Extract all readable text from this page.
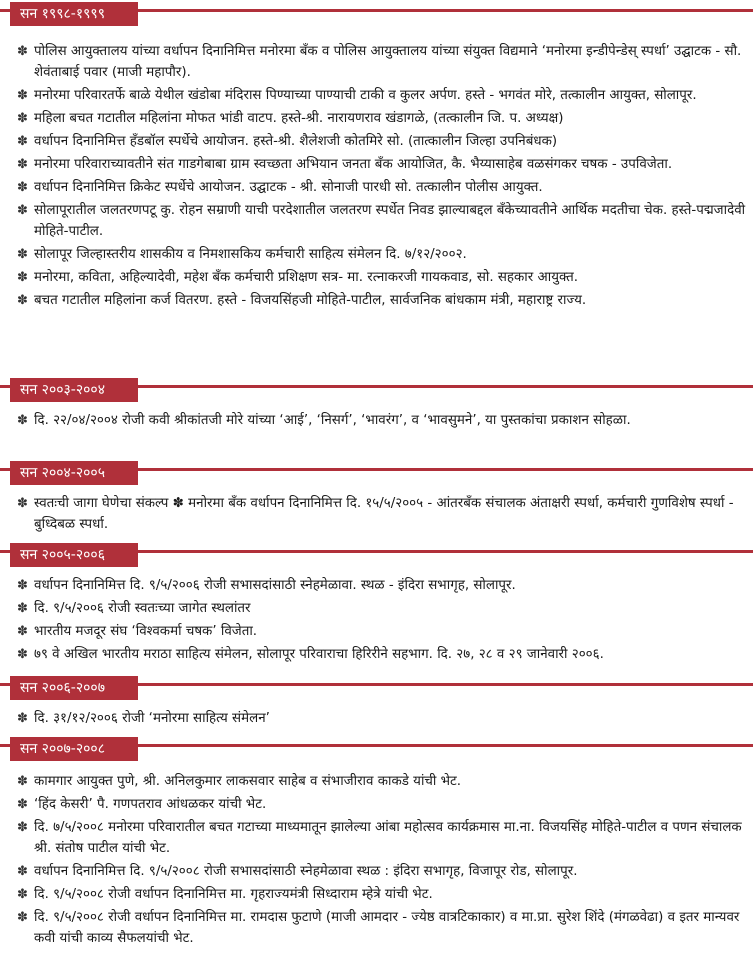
सन १९९८-१९९९
✽ पोलिस आयुक्तालय यांच्या वर्धापन दिनानिमित्त मनोरमा बँक व पोलिस आयुक्तालय यांच्या संयुक्त विद्यमाने ‘मनोरमा इन्डीपेन्डेस् स्पर्धा’ उद्घाटक - सौ. शेवंताबाई पवार (माजी महापौर).
✽ मनोरमा परिवारतर्फे बाळे येथील खंडोबा मंदिरास पिण्याच्या पाण्याची टाकी व कुलर अर्पण. हस्ते - भगवंत मोरे, तत्कालीन आयुक्त, सोलापूर.
✽ महिला बचत गटातील महिलांना मोफत भांडी वाटप. हस्ते-श्री. नारायणराव खंडागळे, (तत्कालीन जि. प. अध्यक्ष)
✽ वर्धापन दिनानिमित्त हँडबॉल स्पर्धेचे आयोजन. हस्ते-श्री. शैलेशजी कोतमिरे सो. (तात्कालीन जिल्हा उपनिबंधक)
✽ मनोरमा परिवाराच्यावतीने संत गाडगेबाबा ग्राम स्वच्छता अभियान जनता बँक आयोजित, कै. भैय्यासाहेब वळसंगकर चषक - उपविजेता.
✽ वर्धापन दिनानिमित्त क्रिकेट स्पर्धेचे आयोजन. उद्घाटक - श्री. सोनाजी पारधी सो. तत्कालीन पोलीस आयुक्त.
✽ सोलापूरातील जलतरणपटू कु. रोहन सम्राणी याची परदेशातील जलतरण स्पर्धेत निवड झाल्याबद्दल बँकेच्यावतीने आर्थिक मदतीचा चेक. हस्ते-पद्मजादेवी मोहिते-पाटील.
✽ सोलापूर जिल्हास्तरीय शासकीय व निमशासकिय कर्मचारी साहित्य संमेलन दि. ७/१२/२००२.
✽ मनोरमा, कविता, अहिल्यादेवी, महेश बँक कर्मचारी प्रशिक्षण सत्र- मा. रत्नाकरजी गायकवाड, सो. सहकार आयुक्त.
✽ बचत गटातील महिलांना कर्ज वितरण. हस्ते - विजयसिंहजी मोहिते-पाटील, सार्वजनिक बांधकाम मंत्री, महाराष्ट्र राज्य.
सन २००३-२००४
✽ दि. २२/०४/२००४ रोजी कवी श्रीकांतजी मोरे यांच्या ‘आई’, ‘निसर्ग’, ‘भावरंग’, व ‘भावसुमने’, या पुस्तकांचा प्रकाशन सोहळा.
सन २००४-२००५
✽ स्वतःची जागा घेणेचा संकल्प ✽ मनोरमा बँक वर्धापन दिनानिमित्त दि. १५/५/२००५ - आंतरबँक संचालक अंताक्षरी स्पर्धा, कर्मचारी गुणविशेष स्पर्धा - बुध्दिबळ स्पर्धा.
सन २००५-२००६
✽ वर्धापन दिनानिमित्त दि. ९/५/२००६ रोजी सभासदांसाठी स्नेहमेळावा. स्थळ - इंदिरा सभागृह, सोलापूर.
✽ दि. ९/५/२००६ रोजी स्वतःच्या जागेत स्थलांतर
✽ भारतीय मजदूर संघ ‘विश्वकर्मा चषक’ विजेता.
✽ ७९ वे अखिल भारतीय मराठा साहित्य संमेलन, सोलापूर परिवाराचा हिरिरीने सहभाग. दि. २७, २८ व २९ जानेवारी २००६.
सन २००६-२००७
✽ दि. ३१/१२/२००६ रोजी ‘मनोरमा साहित्य संमेलन’
सन २००७-२००८
✽ कामगार आयुक्त पुणे, श्री. अनिलकुमार लाकसवार साहेब व संभाजीराव काकडे यांची भेट.
✽ ‘हिंद केसरी’ पै. गणपतराव आंधळकर यांची भेट.
✽ दि. ७/५/२००८ मनोरमा परिवारातील बचत गटाच्या माध्यमातून झालेल्या आंबा महोत्सव कार्यक्रमास मा.ना. विजयसिंह मोहिते-पाटील व पणन संचालक श्री. संतोष पाटील यांची भेट.
✽ वर्धापन दिनानिमित्त दि. ९/५/२००८ रोजी सभासदांसाठी स्नेहमेळावा स्थळ : इंदिरा सभागृह, विजापूर रोड, सोलापूर.
✽ दि. ९/५/२००८ रोजी वर्धापन दिनानिमित्त मा. गृहराज्यमंत्री सिध्दाराम म्हेत्रे यांची भेट.
✽ दि. ९/५/२००८ रोजी वर्धापन दिनानिमित्त मा. रामदास फुटाणे (माजी आमदार - ज्येष्ठ वात्रटिकाकार) व मा.प्रा. सुरेश शिंदे (मंगळवेढा) व इतर मान्यवर कवी यांची काव्य सैफलयांची भेट.
